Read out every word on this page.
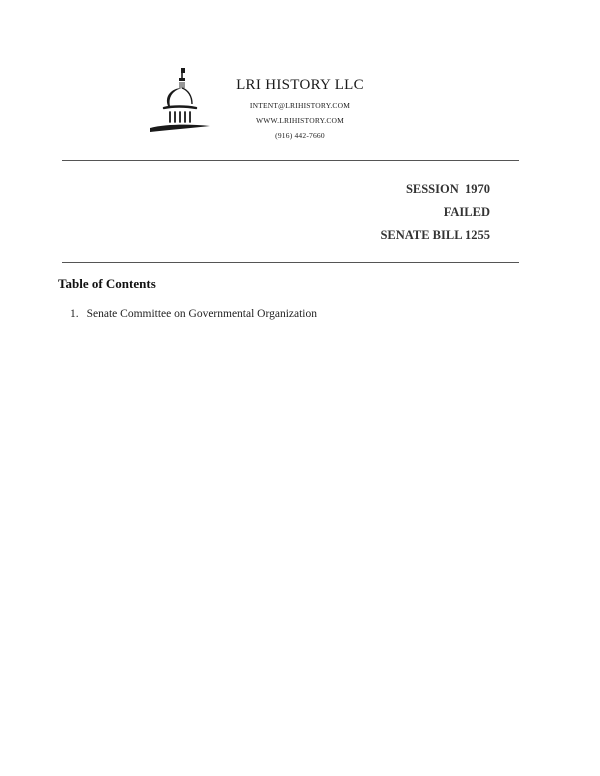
LRI HISTORY LLC
INTENT@LRIHISTORY.COM
WWW.LRIHISTORY.COM
(916) 442-7660
SESSION  1970
FAILED
SENATE BILL 1255
Table of Contents
1. Senate Committee on Governmental Organization
